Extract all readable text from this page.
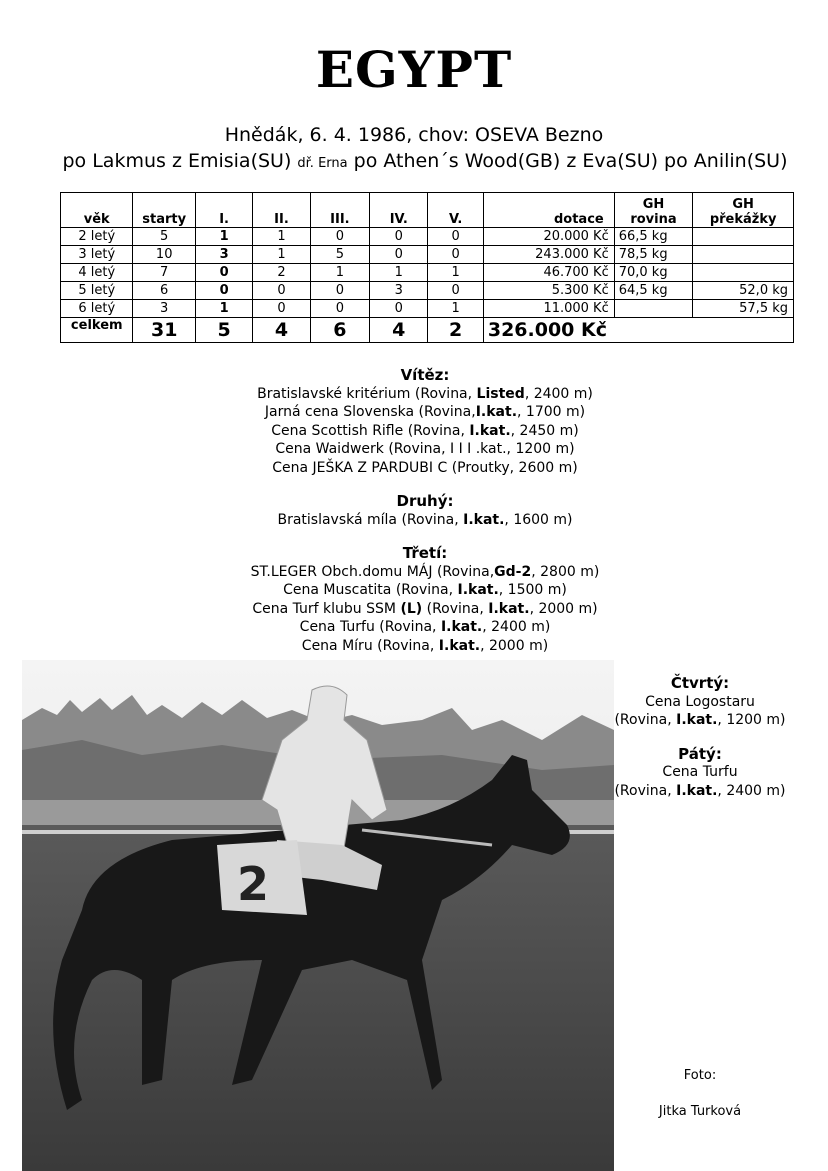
EGYPT
Hnědák, 6. 4. 1986, chov: OSEVA Bezno
po Lakmus z Emisia(SU) dř. Erna po Athen´s Wood(GB) z Eva(SU) po Anilin(SU)
věk	starty	I.	II.	III.	IV.	V.	dotace	GH rovina	GH překážky
2 letý	5	1	1	0	0	0	20.000 Kč	66,5 kg	
3 letý	10	3	1	5	0	0	243.000 Kč	78,5 kg	
4 letý	7	0	2	1	1	1	46.700 Kč	70,0 kg	
5 letý	6	0	0	0	3	0	5.300 Kč	64,5 kg	52,0 kg
6 letý	3	1	0	0	0	1	11.000 Kč		57,5 kg
celkem	31	5	4	6	4	2	326.000 Kč		
Vítěz:
Bratislavské kritérium (Rovina, Listed, 2400 m)
Jarná cena Slovenska (Rovina,I.kat., 1700 m)
Cena Scottish Rifle (Rovina, I.kat., 2450 m)
Cena Waidwerk (Rovina, I I I .kat., 1200 m)
Cena JEŠKA Z PARDUBI C (Proutky, 2600 m)
Druhý:
Bratislavská míla (Rovina, I.kat., 1600 m)
Třetí:
ST.LEGER Obch.domu MÁJ (Rovina,Gd-2, 2800 m)
Cena Muscatita (Rovina, I.kat., 1500 m)
Cena Turf klubu SSM (L) (Rovina, I.kat., 2000 m)
Cena Turfu (Rovina, I.kat., 2400 m)
Cena Míru (Rovina, I.kat., 2000 m)
Čtvrtý:
Cena Logostaru
(Rovina, I.kat., 1200 m)
Pátý:
Cena Turfu
(Rovina, I.kat., 2400 m)
2
Foto:
Jitka Turková
